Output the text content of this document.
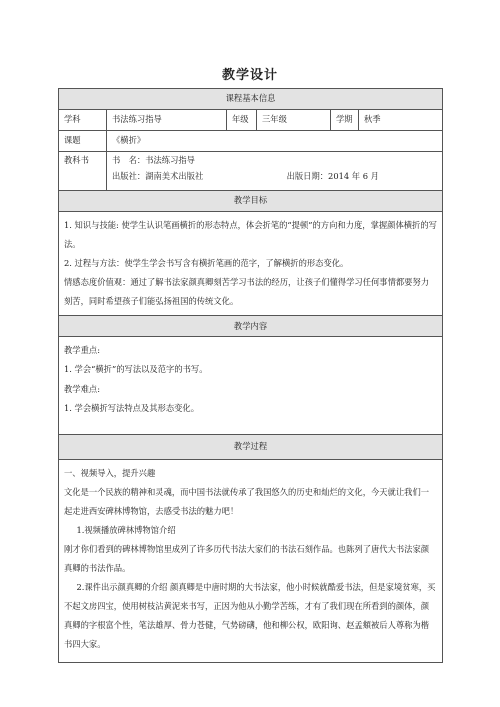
教学设计
课程基本信息					
学科	书法练习指导	年级	三年级	学期	秋季
课题	《横折》				
教科书	书　名：书法练习指导

出版社：湖南美术出版社 出版日期：2014 年 6 月				

教学目标					

1. 知识与技能: 使学生认识笔画横折的形态特点，体会折笔的“提顿”的方向和力度，掌握颜体横折的写法。

2. 过程与方法：使学生学会书写含有横折笔画的范字，了解横折的形态变化。

情感态度价值观：通过了解书法家颜真卿刻苦学习书法的经历，让孩子们懂得学习任何事情都要努力刻苦，同时希望孩子们能弘扬祖国的传统文化。					

教学内容					

教学重点:

1. 学会“横折”的写法以及范字的书写。

教学难点:

1. 学会横折写法特点及其形态变化。					

教学过程					

一、视频导入，提升兴趣

文化是一个民族的精神和灵魂，而中国书法就传承了我国悠久的历史和灿烂的文化，今天就让我们一起走进西安碑林博物馆，去感受书法的魅力吧！

1.视频播放碑林博物馆介绍

刚才你们看到的碑林博物馆里成列了许多历代书法大家们的书法石刻作品。也陈列了唐代大书法家颜真卿的书法作品。

2.课件出示颜真卿的介绍 颜真卿是中唐时期的大书法家，他小时候就酷爱书法，但是家境贫寒，买不起文房四宝，使用树枝沾黄泥来书写，正因为他从小勤学苦练，才有了我们现在所看到的颜体，颜真卿的字根富个性，笔法雄厚、骨力苍健，气势磅礴，他和柳公权，欧阳询、赵孟頫被后人尊称为楷书四大家。					
